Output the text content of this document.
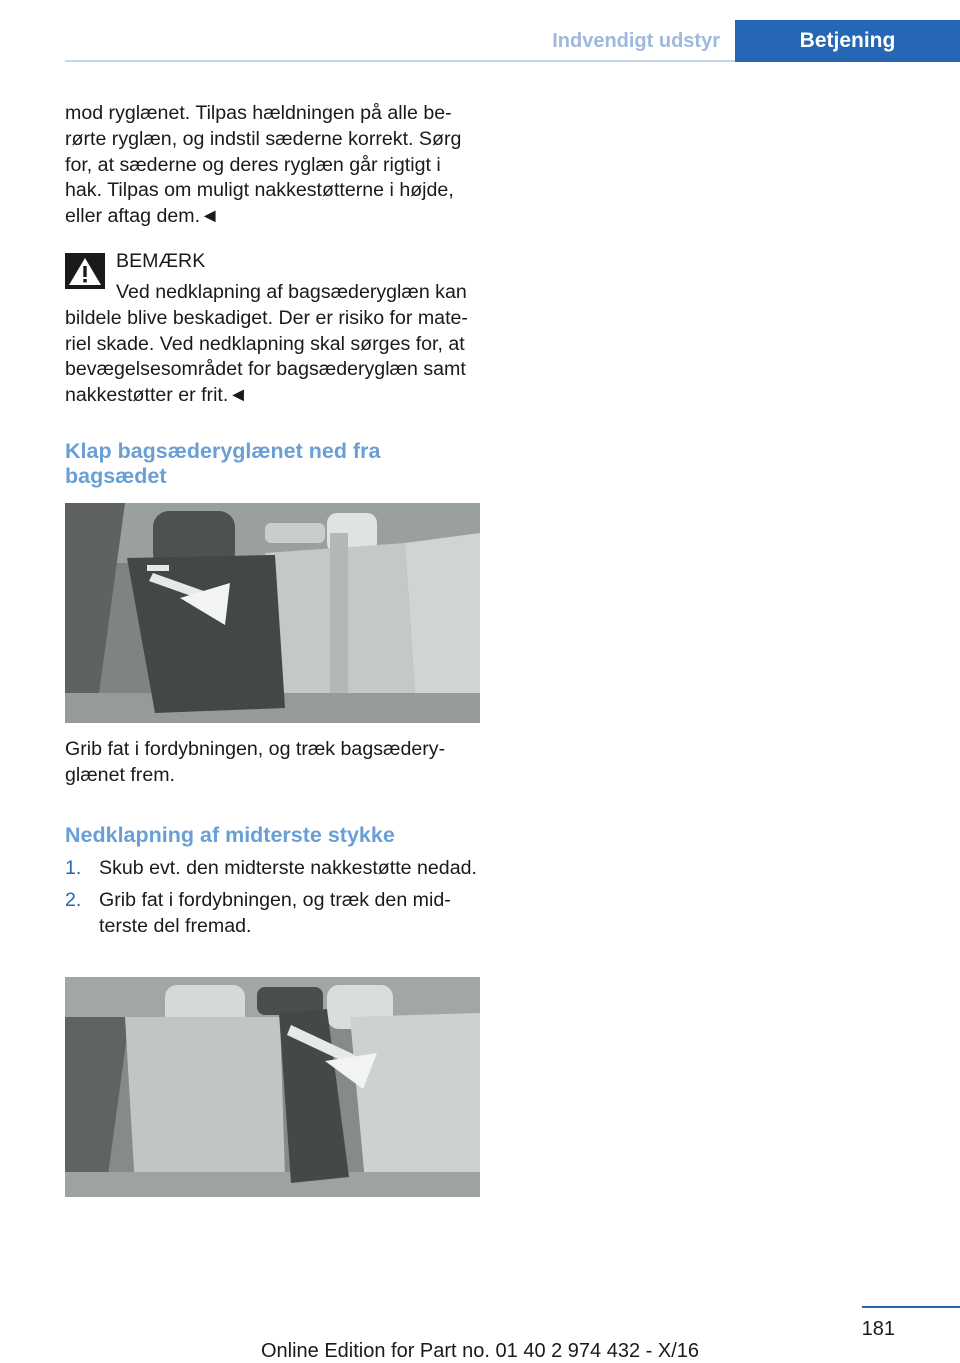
Indvendigt udstyr	Betjening

mod ryglænet. Tilpas hældningen på alle berørte ryglæn, og indstil sæderne korrekt. Sørg for, at sæderne og deres ryglæn går rigtigt i hak. Tilpas om muligt nakkestøtterne i højde, eller aftag dem.◄

BEMÆRK
Ved nedklapning af bagsæderyglæn kan bildele blive beskadiget. Der er risiko for materiel skade. Ved nedklapning skal sørges for, at bevægelsesområdet for bagsæderyglæn samt nakkestøtter er frit.◄
Klap bagsæderyglænet ned fra bagsædet

Grib fat i fordybningen, og træk bagsæderyglænet frem.

Nedklapning af midterste stykke
1. Skub evt. den midterste nakkestøtte nedad.
2. Grib fat i fordybningen, og træk den midterste del fremad.
181
Online Edition for Part no. 01 40 2 974 432 - X/16
